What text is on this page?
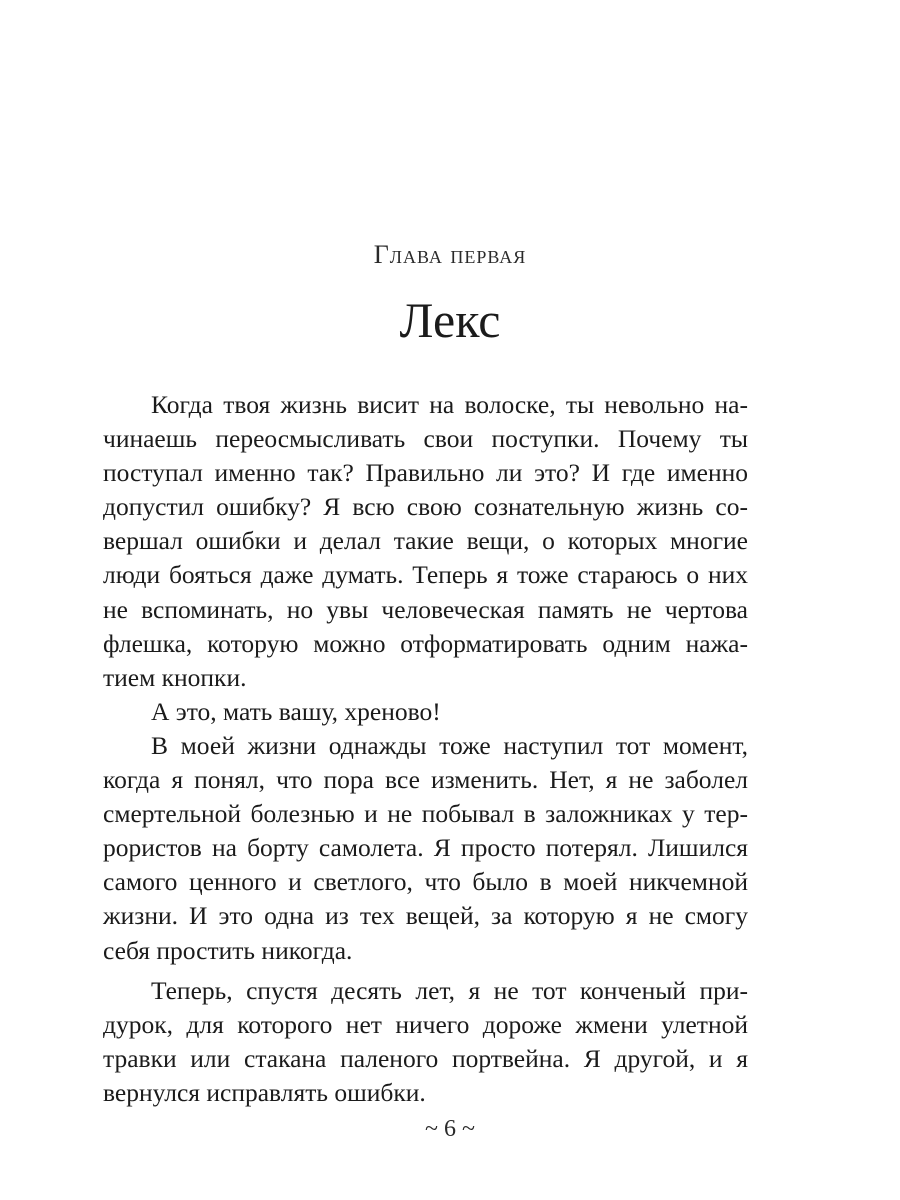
Глава первая
Лекс

Когда твоя жизнь висит на волоске, ты невольно начинаешь переосмысливать свои поступки. Почему ты поступал именно так? Правильно ли это? И где именно допустил ошибку? Я всю свою сознательную жизнь совершал ошибки и делал такие вещи, о которых многие люди бояться даже думать. Теперь я тоже стараюсь о них не вспоминать, но увы человеческая память не чертова флешка, которую можно отформатировать одним нажатием кнопки.

А это, мать вашу, хреново!

В моей жизни однажды тоже наступил тот момент, когда я понял, что пора все изменить. Нет, я не заболел смертельной болезнью и не побывал в заложниках у террористов на борту самолета. Я просто потерял. Лишился самого ценного и светлого, что было в моей никчемной жизни. И это одна из тех вещей, за которую я не смогу себя простить никогда.

Теперь, спустя десять лет, я не тот конченый придурок, для которого нет ничего дороже жмени улетной травки или стакана паленого портвейна. Я другой, и я вернулся исправлять ошибки.

~ 6 ~
